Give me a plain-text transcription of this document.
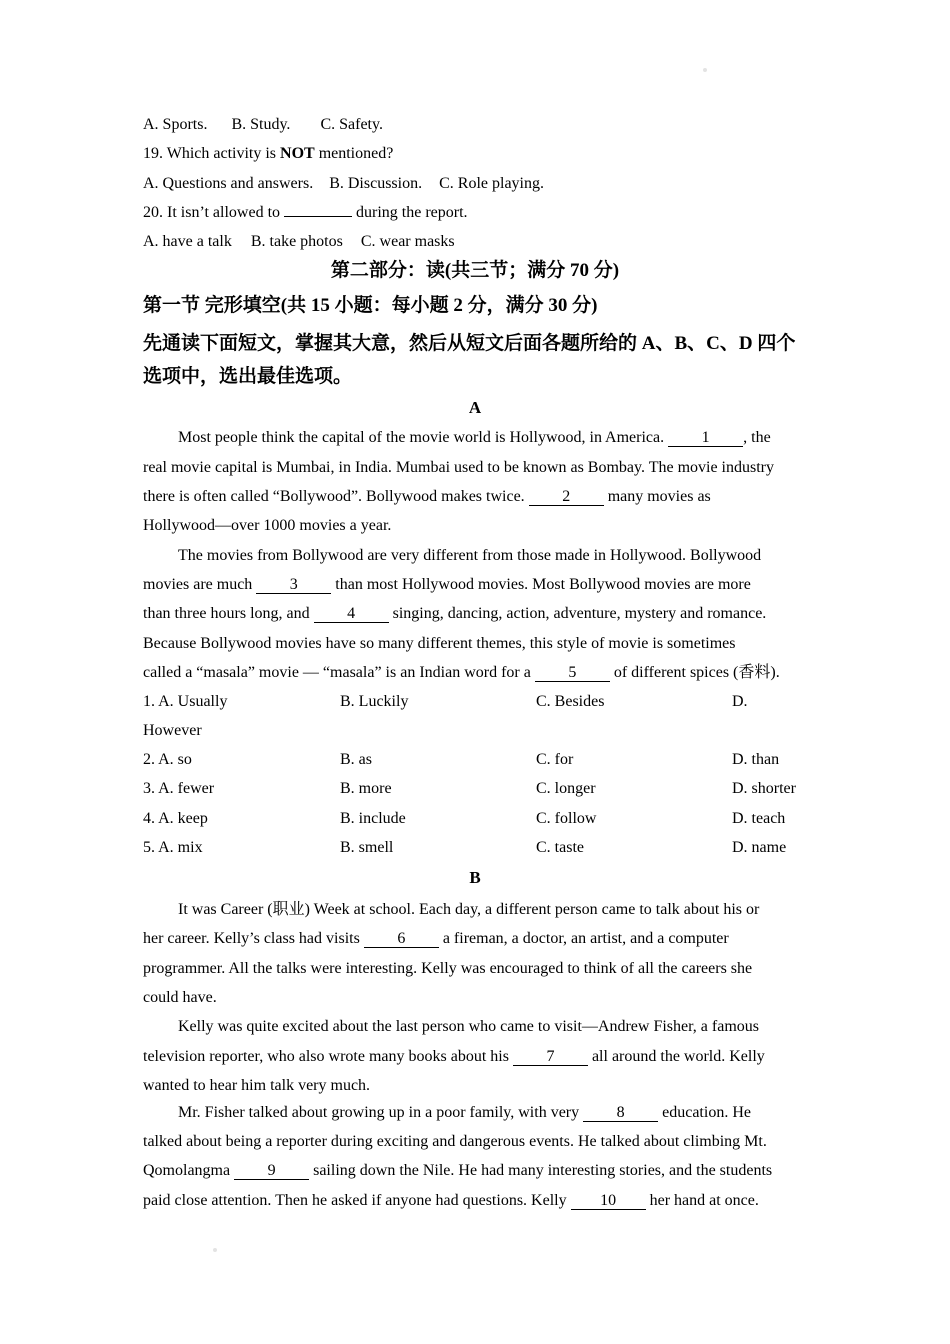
A. Sports. B. Study. C. Safety.
19. Which activity is NOT mentioned?
A. Questions and answers. B. Discussion. C. Role playing.
20. It isn’t allowed to	during the report.
A. have a talk B. take photos C. wear masks
第二部分：读(共三节；满分 70 分)
第一节 完形填空(共 15 小题：每小题 2 分，满分 30 分)
先通读下面短文，掌握其大意，然后从短文后面各题所给的 A、B、C、D 四个
选项中，选出最佳选项。
A
Most people think the capital of the movie world is Hollywood, in America. 1 , the
real movie capital is Mumbai, in India. Mumbai used to be known as Bombay. The movie industry
there is often called “Bollywood”. Bollywood makes twice. 2 many movies as
Hollywood—over 1000 movies a year.
The movies from Bollywood are very different from those made in Hollywood. Bollywood
movies are much 3 than most Hollywood movies. Most Bollywood movies are more
than three hours long, and 4 singing, dancing, action, adventure, mystery and romance.
Because Bollywood movies have so many different themes, this style of movie is sometimes
called a “masala” movie — “masala” is an Indian word for a 5 of different spices (香料).
1. A. Usually	B. Luckily	C. Besides	D.
However
2. A. so	B. as	C. for	D. than
3. A. fewer	B. more	C. longer	D. shorter
4. A. keep	B. include	C. follow	D. teach
5. A. mix	B. smell	C. taste	D. name
B
It was Career (职业) Week at school. Each day, a different person came to talk about his or
her career. Kelly’s class had visits 6 a fireman, a doctor, an artist, and a computer
programmer. All the talks were interesting. Kelly was encouraged to think of all the careers she
could have.
Kelly was quite excited about the last person who came to visit—Andrew Fisher, a famous
television reporter, who also wrote many books about his 7 all around the world. Kelly
wanted to hear him talk very much.
Mr. Fisher talked about growing up in a poor family, with very 8 education. He
talked about being a reporter during exciting and dangerous events. He talked about climbing Mt.
Qomolangma 9 sailing down the Nile. He had many interesting stories, and the students
paid close attention. Then he asked if anyone had questions. Kelly 10 her hand at once.
